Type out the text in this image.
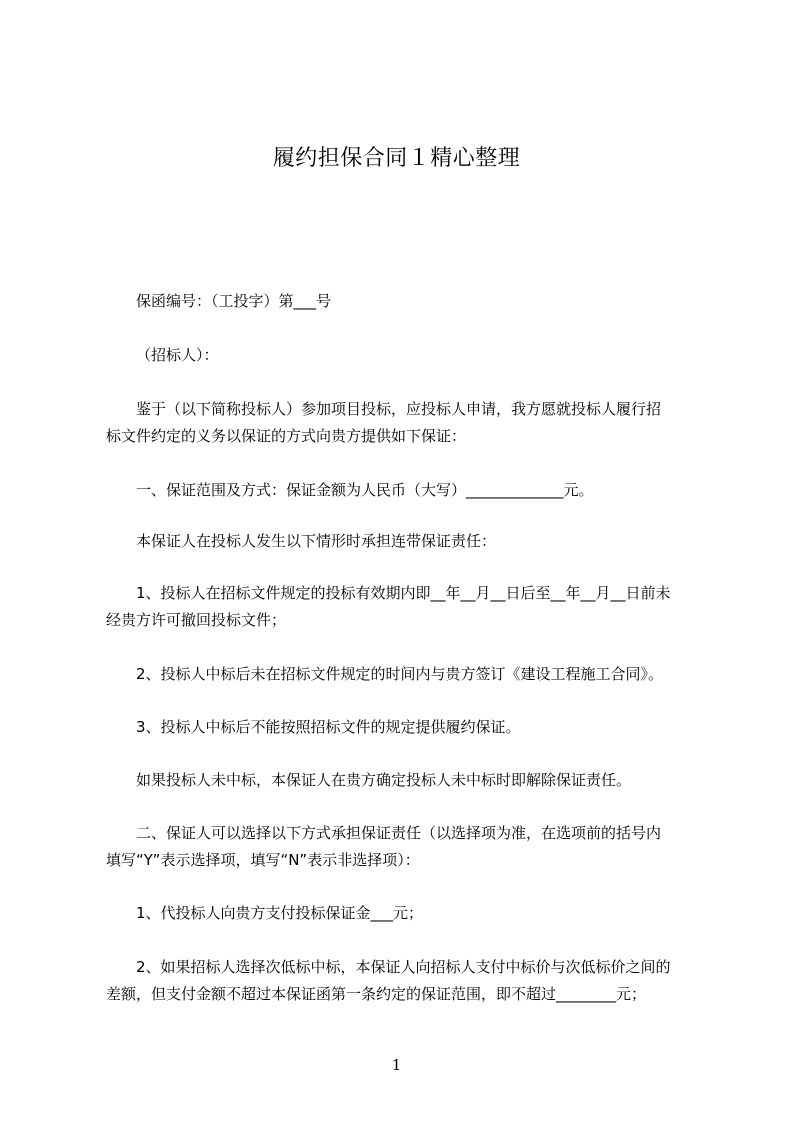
履约担保合同１精心整理
保函编号：（工投字）第___号
（招标人）：
鉴于（以下简称投标人）参加项目投标，应投标人申请，我方愿就投标人履行招
标文件约定的义务以保证的方式向贵方提供如下保证：
一、保证范围及方式：保证金额为人民币（大写）_____________元。
本保证人在投标人发生以下情形时承担连带保证责任：
1、投标人在招标文件规定的投标有效期内即__年__月__日后至__年__月__日前未
经贵方许可撤回投标文件；
2、投标人中标后未在招标文件规定的时间内与贵方签订《建设工程施工合同》。
3、投标人中标后不能按照招标文件的规定提供履约保证。
如果投标人未中标，本保证人在贵方确定投标人未中标时即解除保证责任。
二、保证人可以选择以下方式承担保证责任（以选择项为准，在选项前的括号内
填写“Y”表示选择项，填写“N”表示非选择项）：
1、代投标人向贵方支付投标保证金___元；
2、如果招标人选择次低标中标，本保证人向招标人支付中标价与次低标价之间的
差额，但支付金额不超过本保证函第一条约定的保证范围，即不超过________元；
1
